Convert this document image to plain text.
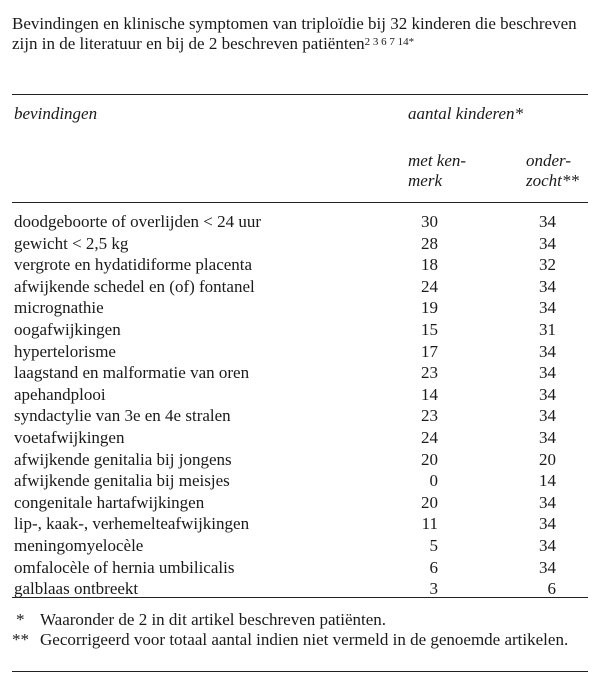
Bevindingen en klinische symptomen van triploïdie bij 32 kinderen die beschreven zijn in de literatuur en bij de 2 beschreven patiënten$^{2 3 6 7 14*}$

bevindingen	aantal kinderen*
met ken-
merk
onder-
zocht**
doodgeboorte of overlijden < 24 uur	30	34
gewicht < 2,5 kg	28	34
vergrote en hydatidiforme placenta	18	32
afwijkende schedel en (of) fontanel	24	34
micrognathie	19	34
oogafwijkingen	15	31
hypertelorisme	17	34
laagstand en malformatie van oren	23	34
apehandplooi	14	34
syndactylie van 3e en 4e stralen	23	34
voetafwijkingen	24	34
afwijkende genitalia bij jongens	20	20
afwijkende genitalia bij meisjes	0	14
congenitale hartafwijkingen	20	34
lip-, kaak-, verhemelteafwijkingen	11	34
meningomyelocèle	5	34
omfalocèle of hernia umbilicalis	6	34
galblaas ontbreekt	3	6
* Waaronder de 2 in dit artikel beschreven patiënten.
** Gecorrigeerd voor totaal aantal indien niet vermeld in de genoemde artikelen.
